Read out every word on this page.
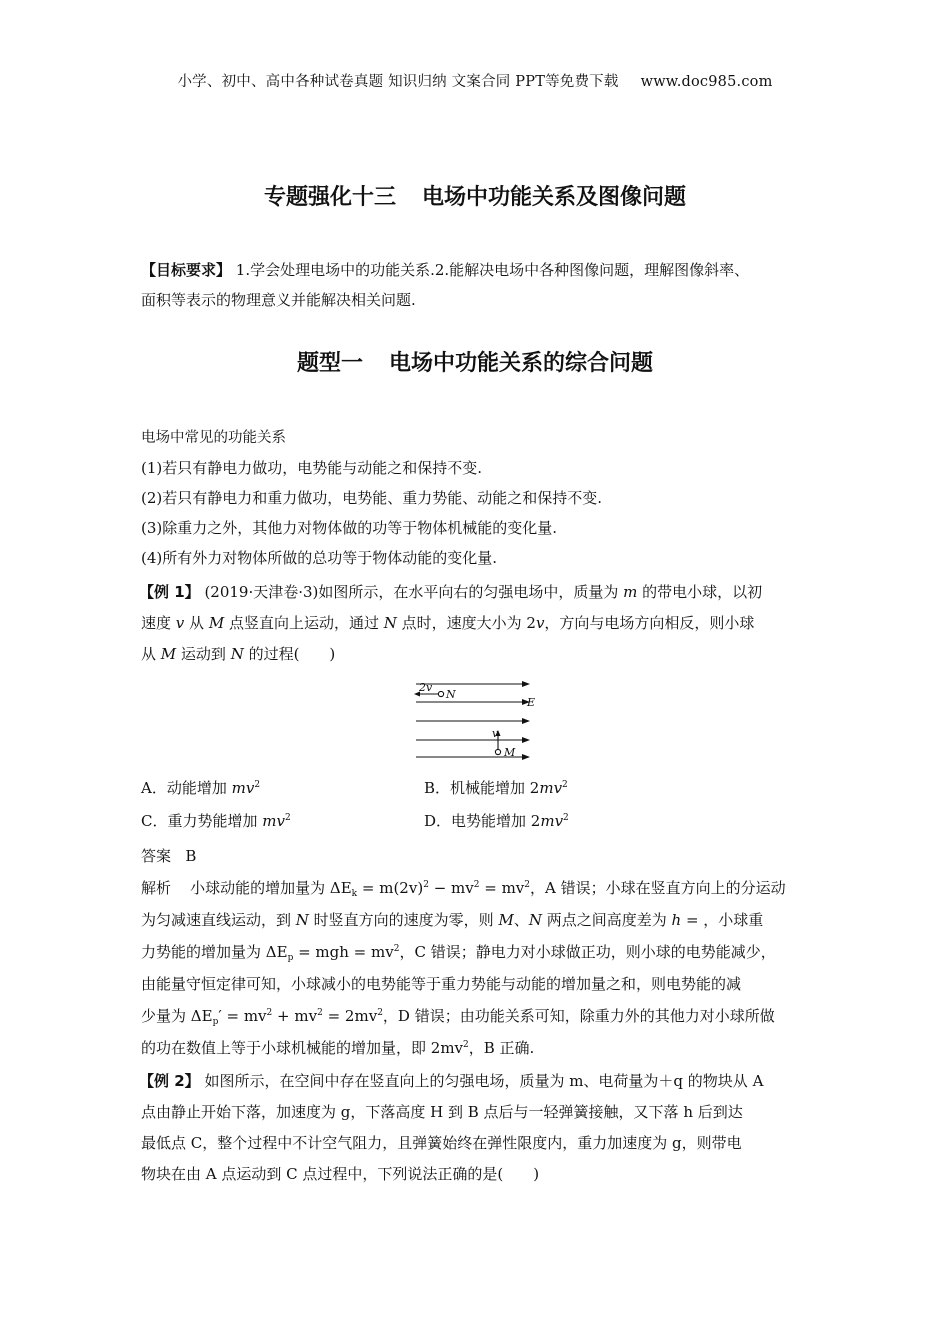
小学、初中、高中各种试卷真题 知识归纳 文案合同 PPT等免费下载 www.doc985.com
专题强化十三 电场中功能关系及图像问题
【目标要求】 1.学会处理电场中的功能关系.2.能解决电场中各种图像问题，理解图像斜率、
面积等表示的物理意义并能解决相关问题.
题型一 电场中功能关系的综合问题
电场中常见的功能关系
(1)若只有静电力做功，电势能与动能之和保持不变.
(2)若只有静电力和重力做功，电势能、重力势能、动能之和保持不变.
(3)除重力之外，其他力对物体做的功等于物体机械能的变化量.
(4)所有外力对物体所做的总功等于物体动能的变化量.
【例 1】 (2019·天津卷·3)如图所示，在水平向右的匀强电场中，质量为 m 的带电小球，以初
速度 v 从 M 点竖直向上运动，通过 N 点时，速度大小为 2v，方向与电场方向相反，则小球
从 M 运动到 N 的过程(　　)
2v
N
E
v
M
A．动能增加 $mv^2$	B．机械能增加 $2mv^2$
C．重力势能增加 $mv^2$	D．电势能增加 $2mv^2$
答案 B
解析 小球动能的增加量为 $\Delta E_k = m(2v)^2 - mv^2 = mv^2$，A 错误；小球在竖直方向上的分运动
为匀减速直线运动，到 N 时竖直方向的速度为零，则 M、N 两点之间高度差为 h = ，小球重
力势能的增加量为 $\Delta E_p$ = mgh = $mv^2$，C 错误；静电力对小球做正功，则小球的电势能减少，
由能量守恒定律可知，小球减小的电势能等于重力势能与动能的增加量之和，则电势能的减
少量为 $\Delta E_p' = mv^2 + mv^2 = 2mv^2$，D 错误；由功能关系可知，除重力外的其他力对小球所做
的功在数值上等于小球机械能的增加量，即 $2mv^2$，B 正确.
【例 2】 如图所示，在空间中存在竖直向上的匀强电场，质量为 m、电荷量为＋q 的物块从 A
点由静止开始下落，加速度为 g，下落高度 H 到 B 点后与一轻弹簧接触，又下落 h 后到达
最低点 C，整个过程中不计空气阻力，且弹簧始终在弹性限度内，重力加速度为 g，则带电
物块在由 A 点运动到 C 点过程中，下列说法正确的是(　　)
